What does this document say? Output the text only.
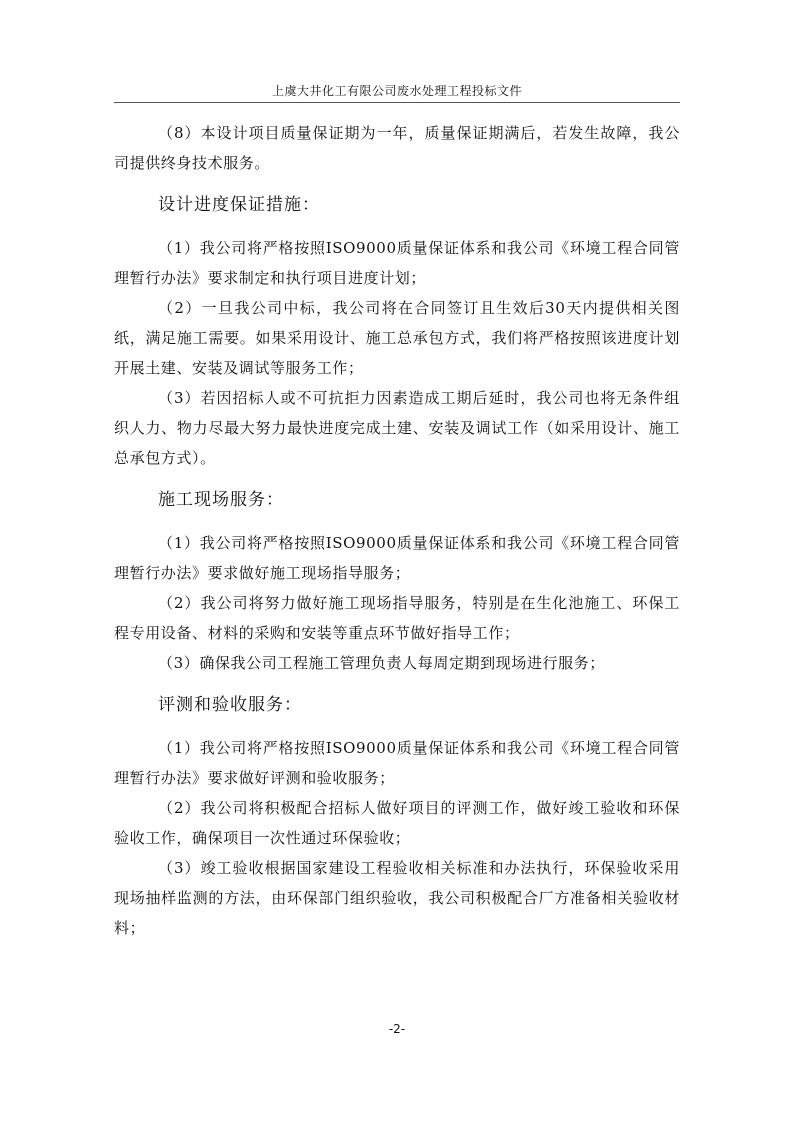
上虞大井化工有限公司废水处理工程投标文件

（8）本设计项目质量保证期为一年，质量保证期满后，若发生故障，我公司提供终身技术服务。

设计进度保证措施：

（1）我公司将严格按照ISO9000质量保证体系和我公司《环境工程合同管理暂行办法》要求制定和执行项目进度计划；

（2）一旦我公司中标，我公司将在合同签订且生效后30天内提供相关图纸，满足施工需要。如果采用设计、施工总承包方式，我们将严格按照该进度计划开展土建、安装及调试等服务工作；

（3）若因招标人或不可抗拒力因素造成工期后延时，我公司也将无条件组织人力、物力尽最大努力最快进度完成土建、安装及调试工作（如采用设计、施工总承包方式）。

施工现场服务：

（1）我公司将严格按照ISO9000质量保证体系和我公司《环境工程合同管理暂行办法》要求做好施工现场指导服务；

（2）我公司将努力做好施工现场指导服务，特别是在生化池施工、环保工程专用设备、材料的采购和安装等重点环节做好指导工作；

（3）确保我公司工程施工管理负责人每周定期到现场进行服务；

评测和验收服务：

（1）我公司将严格按照ISO9000质量保证体系和我公司《环境工程合同管理暂行办法》要求做好评测和验收服务；

（2）我公司将积极配合招标人做好项目的评测工作，做好竣工验收和环保验收工作，确保项目一次性通过环保验收；

（3）竣工验收根据国家建设工程验收相关标准和办法执行，环保验收采用现场抽样监测的方法，由环保部门组织验收，我公司积极配合厂方准备相关验收材料；

-2-
